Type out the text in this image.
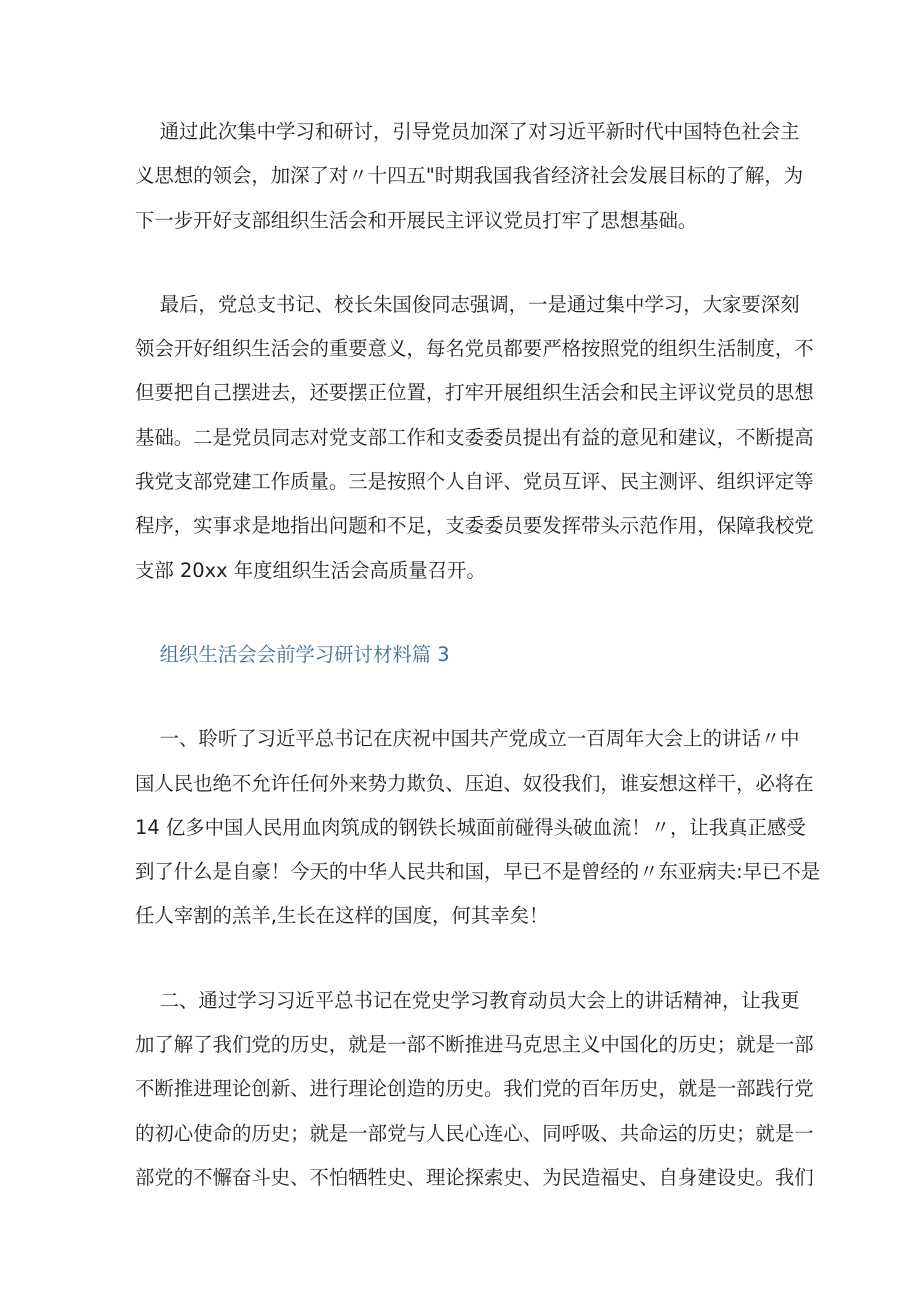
通过此次集中学习和研讨，引导党员加深了对习近平新时代中国特色社会主
义思想的领会，加深了对〃十四五"时期我国我省经济社会发展目标的了解，为
下一步开好支部组织生活会和开展民主评议党员打牢了思想基础。
最后，党总支书记、校长朱国俊同志强调，一是通过集中学习，大家要深刻
领会开好组织生活会的重要意义，每名党员都要严格按照党的组织生活制度，不
但要把自己摆进去，还要摆正位置，打牢开展组织生活会和民主评议党员的思想
基础。二是党员同志对党支部工作和支委委员提出有益的意见和建议，不断提高
我党支部党建工作质量。三是按照个人自评、党员互评、民主测评、组织评定等
程序，实事求是地指出问题和不足，支委委员要发挥带头示范作用，保障我校党
支部 20xx 年度组织生活会高质量召开。
组织生活会会前学习研讨材料篇 3
一、聆听了习近平总书记在庆祝中国共产党成立一百周年大会上的讲话〃中
国人民也绝不允许任何外来势力欺负、压迫、奴役我们，谁妄想这样干，必将在
14 亿多中国人民用血肉筑成的钢铁长城面前碰得头破血流！〃，让我真正感受
到了什么是自豪！今天的中华人民共和国，早已不是曾经的〃东亚病夫:早已不是
任人宰割的羔羊,生长在这样的国度，何其幸矣！
二、通过学习习近平总书记在党史学习教育动员大会上的讲话精神，让我更
加了解了我们党的历史，就是一部不断推进马克思主义中国化的历史；就是一部
不断推进理论创新、进行理论创造的历史。我们党的百年历史，就是一部践行党
的初心使命的历史；就是一部党与人民心连心、同呼吸、共命运的历史；就是一
部党的不懈奋斗史、不怕牺牲史、理论探索史、为民造福史、自身建设史。我们
